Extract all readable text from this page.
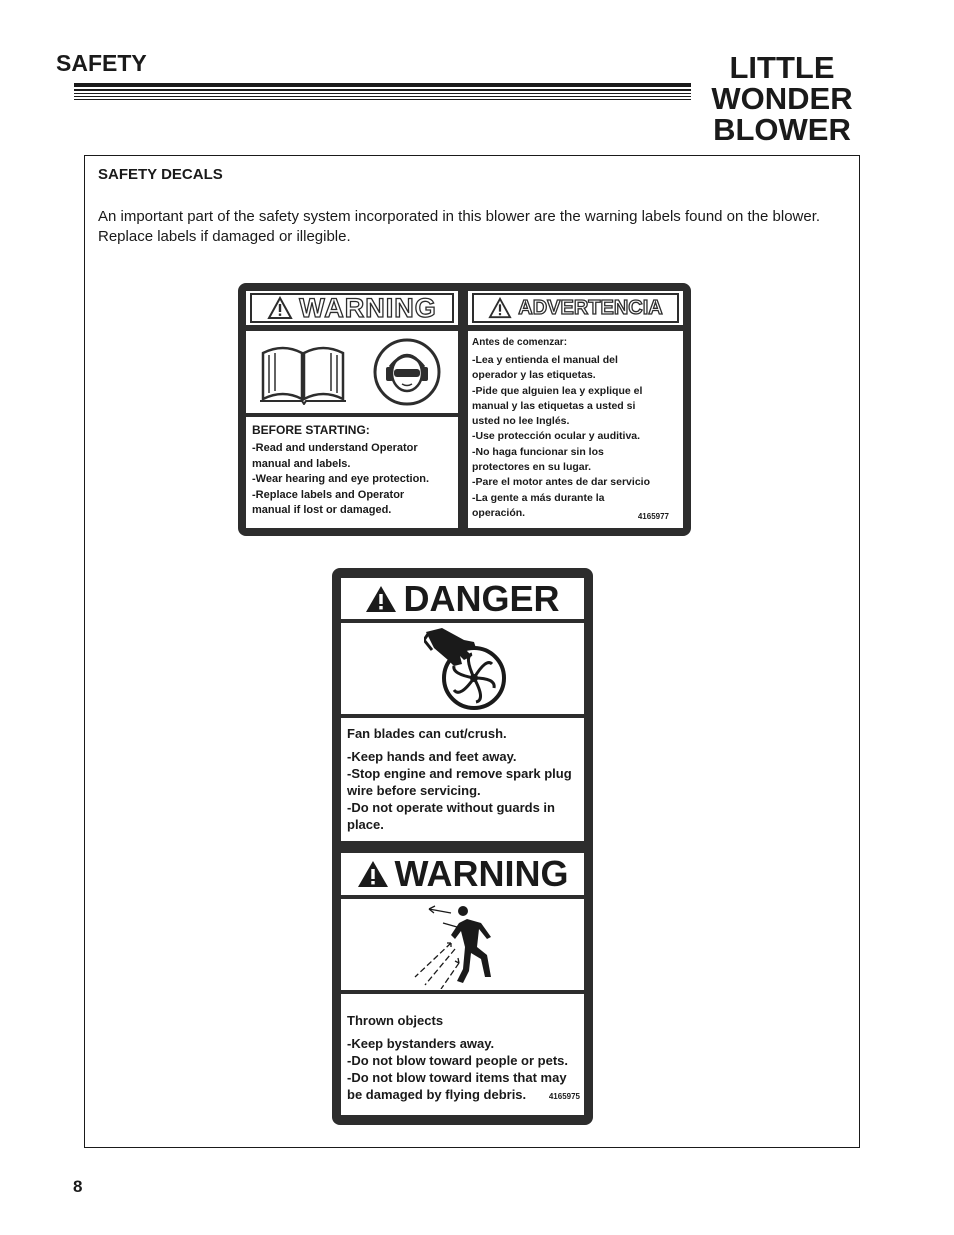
SAFETY	LITTLE
WONDER
BLOWER
SAFETY DECALS

An important part of the safety system incorporated in this blower are the warning labels found on the blower. Replace labels if damaged or illegible.

WARNING

BEFORE STARTING:

-Read and understand Operator

manual and labels.

-Wear hearing and eye protection.

-Replace labels and Operator

manual if lost or damaged.

ADVERTENCIA

Antes de comenzar:

-Lea y entienda el manual del

operador y las etiquetas.

-Pide que alguien lea y explique el

manual y las etiquetas a usted si

usted no lee Inglés.

-Use protección ocular y auditiva.

-No haga funcionar sin los

protectores en su lugar.

-Pare el motor antes de dar servicio

-La gente a más durante la

operación.	4165977
DANGER

Fan blades can cut/crush.

-Keep hands and feet away.

-Stop engine and remove spark plug

wire before servicing.

-Do not operate without guards in

place.

WARNING

Thrown objects

-Keep bystanders away.

-Do not blow toward people or pets.

-Do not blow toward items that may

be damaged by flying debris.	4165975
8
